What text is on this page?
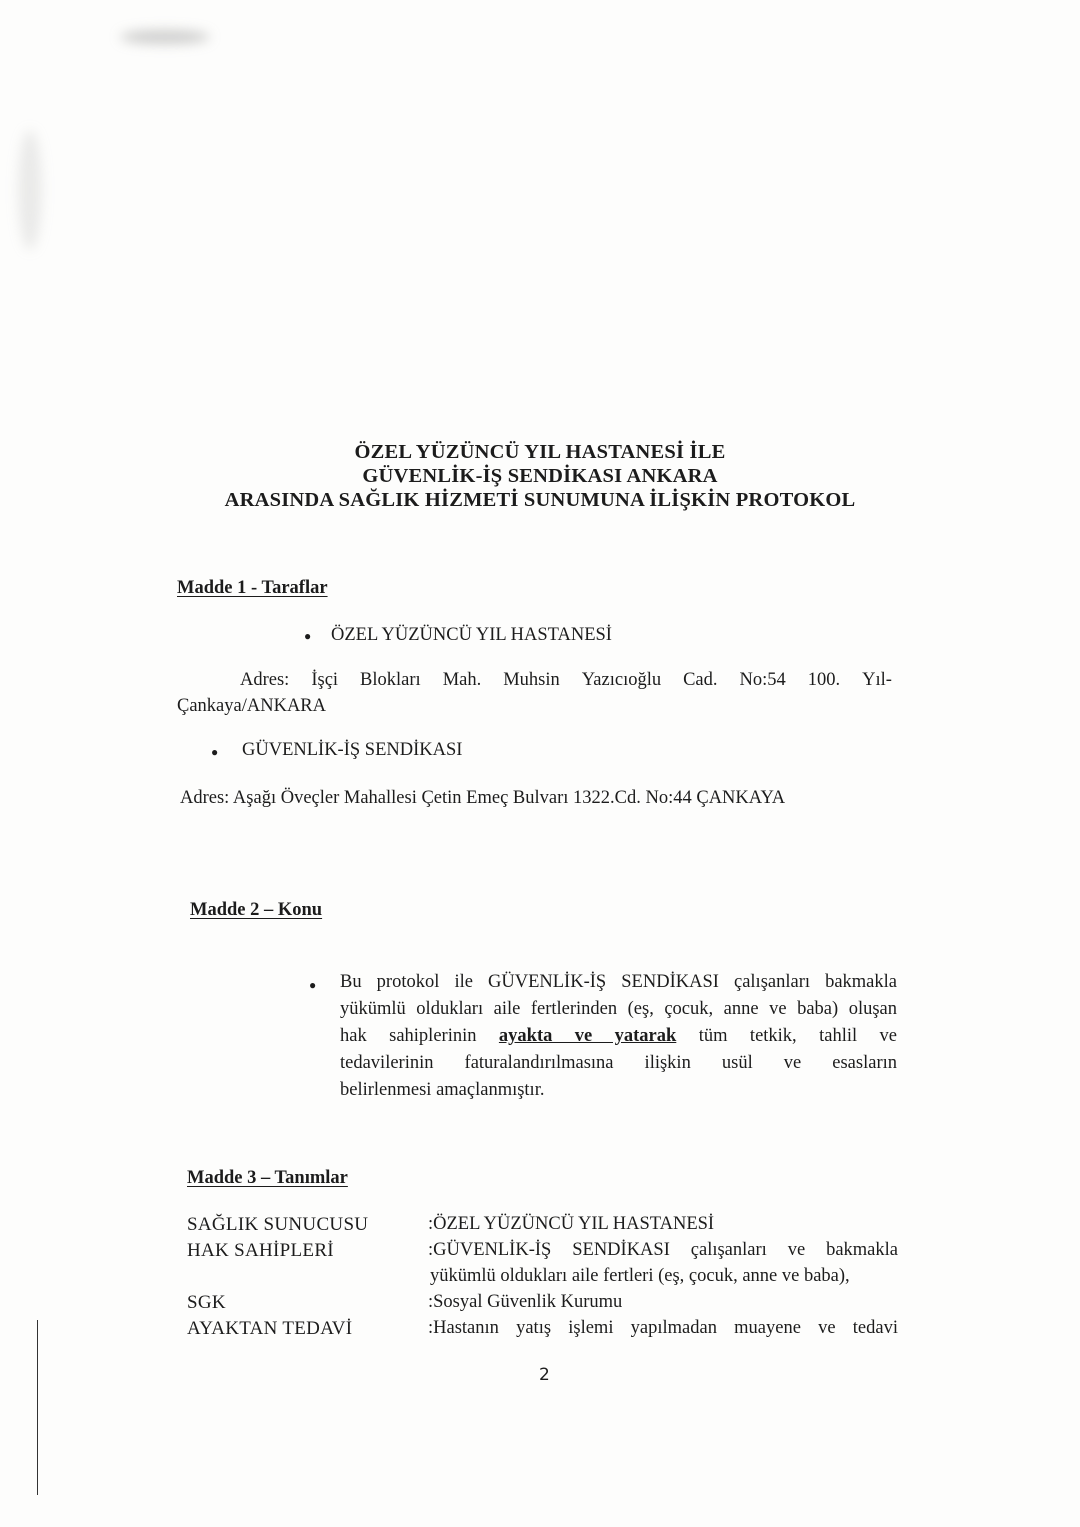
ÖZEL YÜZÜNCÜ YIL HASTANESİ İLE
GÜVENLİK-İŞ SENDİKASI ANKARA
ARASINDA SAĞLIK HİZMETİ SUNUMUNA İLİŞKİN PROTOKOL
Madde 1 - Taraflar
● ÖZEL YÜZÜNCÜ YIL HASTANESİ
Adres: İşçi Blokları Mah. Muhsin Yazıcıoğlu Cad. No:54 100. Yıl-
Çankaya/ANKARA
● GÜVENLİK-İŞ SENDİKASI
Adres: Aşağı Öveçler Mahallesi Çetin Emeç Bulvarı 1322.Cd. No:44 ÇANKAYA
Madde 2 – Konu
● Bu protokol ile GÜVENLİK-İŞ SENDİKASI çalışanları bakmakla
yükümlü oldukları aile fertlerinden (eş, çocuk, anne ve baba) oluşan
hak sahiplerinin ayakta ve yatarak tüm tetkik, tahlil ve
tedavilerinin faturalandırılmasına ilişkin usül ve esasların
belirlenmesi amaçlanmıştır.
Madde 3 – Tanımlar
SAĞLIK SUNUCUSU	:ÖZEL YÜZÜNCÜ YIL HASTANESİ
HAK SAHİPLERİ	:GÜVENLİK-İŞ SENDİKASI çalışanları ve bakmakla
yükümlü oldukları aile fertleri (eş, çocuk, anne ve baba),
SGK	:Sosyal Güvenlik Kurumu
AYAKTAN TEDAVİ	:Hastanın yatış işlemi yapılmadan muayene ve tedavi
2
